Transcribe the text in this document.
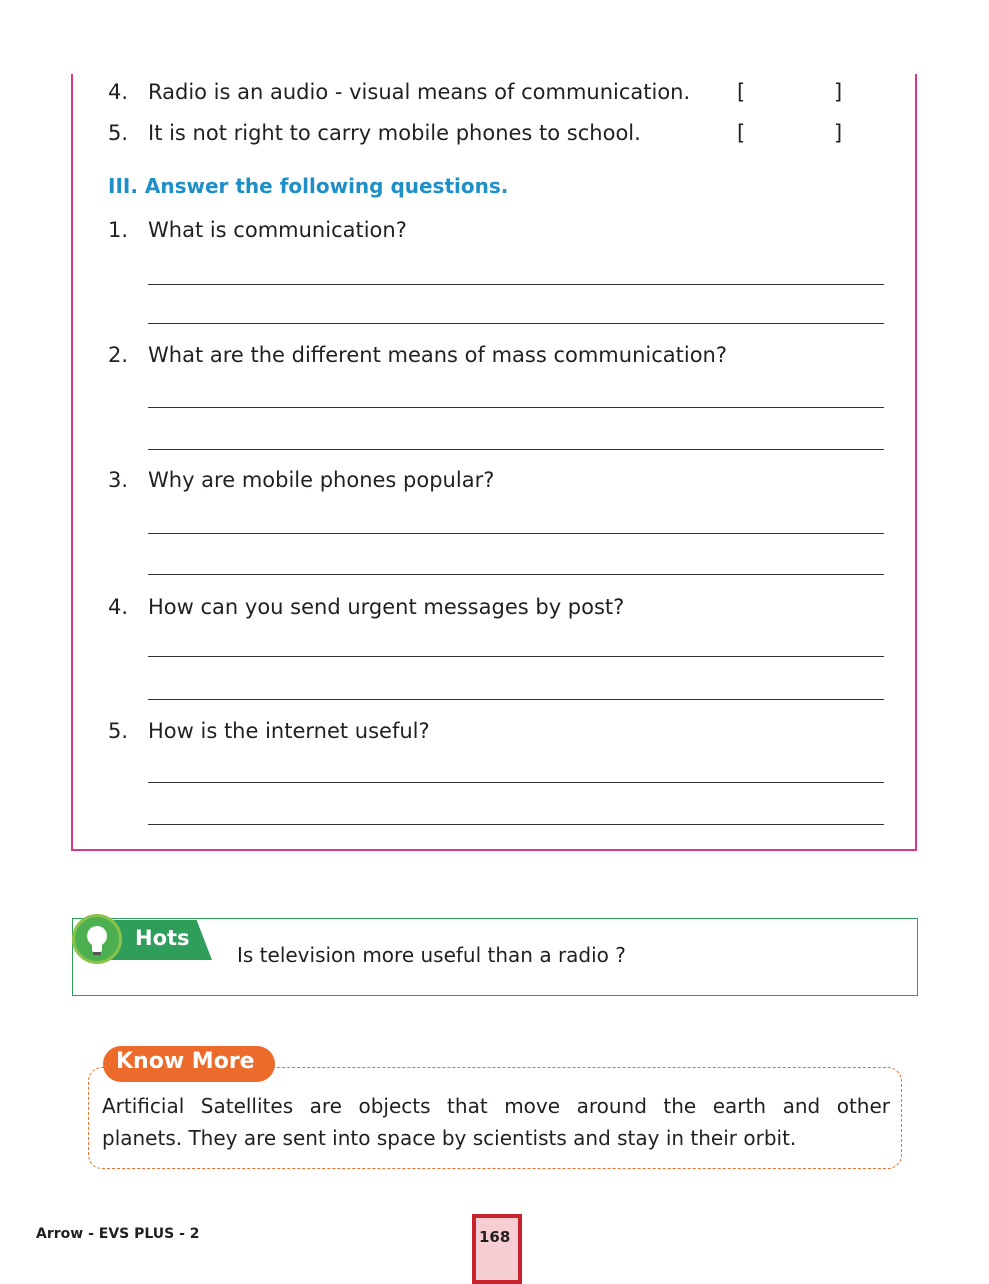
4. Radio is an audio - visual means of communication. [	]
5. It is not right to carry mobile phones to school.	[	]
III. Answer the following questions.
1. What is communication?
2. What are the different means of mass communication?
3. Why are mobile phones popular?
4. How can you send urgent messages by post?
5. How is the internet useful?
Hots
Is television more useful than a radio ?
Know More
Artificial Satellites are objects that move around the earth and other
planets. They are sent into space by scientists and stay in their orbit.
Arrow - EVS PLUS - 2	168
